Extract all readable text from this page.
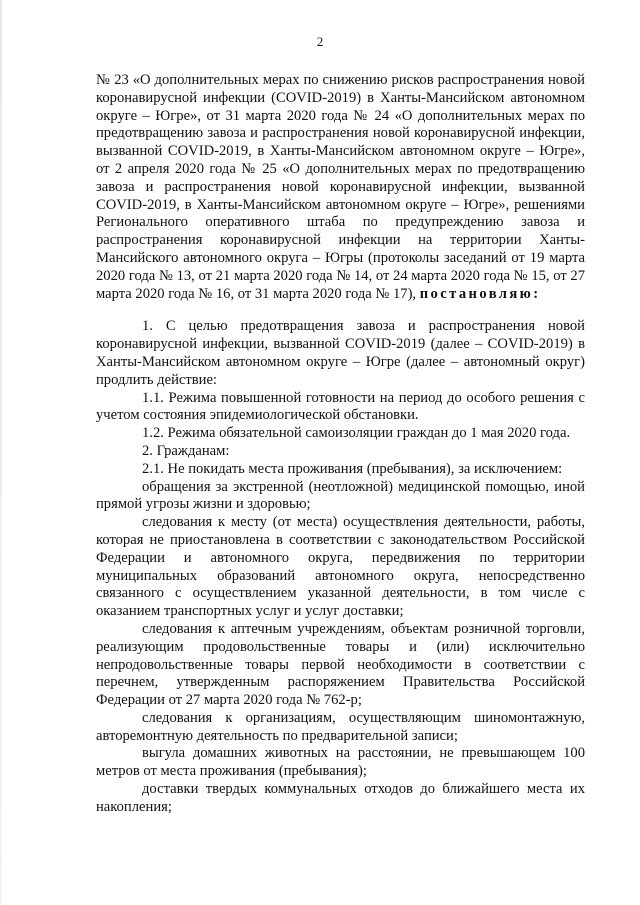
2

№ 23 «О дополнительных мерах по снижению рисков распространения новой коронавирусной инфекции (COVID-2019) в Ханты-Мансийском автономном округе – Югре», от 31 марта 2020 года № 24 «О дополнительных мерах по предотвращению завоза и распространения новой коронавирусной инфекции, вызванной COVID-2019, в Ханты-Мансийском автономном округе – Югре», от 2 апреля 2020 года № 25 «О дополнительных мерах по предотвращению завоза и распространения новой коронавирусной инфекции, вызванной COVID-2019, в Ханты-Мансийском автономном округе – Югре», решениями Регионального оперативного штаба по предупреждению завоза и распространения коронавирусной инфекции на территории Ханты-Мансийского автономного округа – Югры (протоколы заседаний от 19 марта 2020 года № 13, от 21 марта 2020 года № 14, от 24 марта 2020 года № 15, от 27 марта 2020 года № 16, от 31 марта 2020 года № 17), постановляю:

1. С целью предотвращения завоза и распространения новой коронавирусной инфекции, вызванной COVID-2019 (далее – COVID-2019) в Ханты-Мансийском автономном округе – Югре (далее – автономный округ) продлить действие:

1.1. Режима повышенной готовности на период до особого решения с учетом состояния эпидемиологической обстановки.

1.2. Режима обязательной самоизоляции граждан до 1 мая 2020 года.

2. Гражданам:

2.1. Не покидать места проживания (пребывания), за исключением:

обращения за экстренной (неотложной) медицинской помощью, иной прямой угрозы жизни и здоровью;

следования к месту (от места) осуществления деятельности, работы, которая не приостановлена в соответствии с законодательством Российской Федерации и автономного округа, передвижения по территории муниципальных образований автономного округа, непосредственно связанного с осуществлением указанной деятельности, в том числе с оказанием транспортных услуг и услуг доставки;

следования к аптечным учреждениям, объектам розничной торговли, реализующим продовольственные товары и (или) исключительно непродовольственные товары первой необходимости в соответствии с перечнем, утвержденным распоряжением Правительства Российской Федерации от 27 марта 2020 года № 762-р;

следования к организациям, осуществляющим шиномонтажную, авторемонтную деятельность по предварительной записи;

выгула домашних животных на расстоянии, не превышающем 100 метров от места проживания (пребывания);

доставки твердых коммунальных отходов до ближайшего места их накопления;
